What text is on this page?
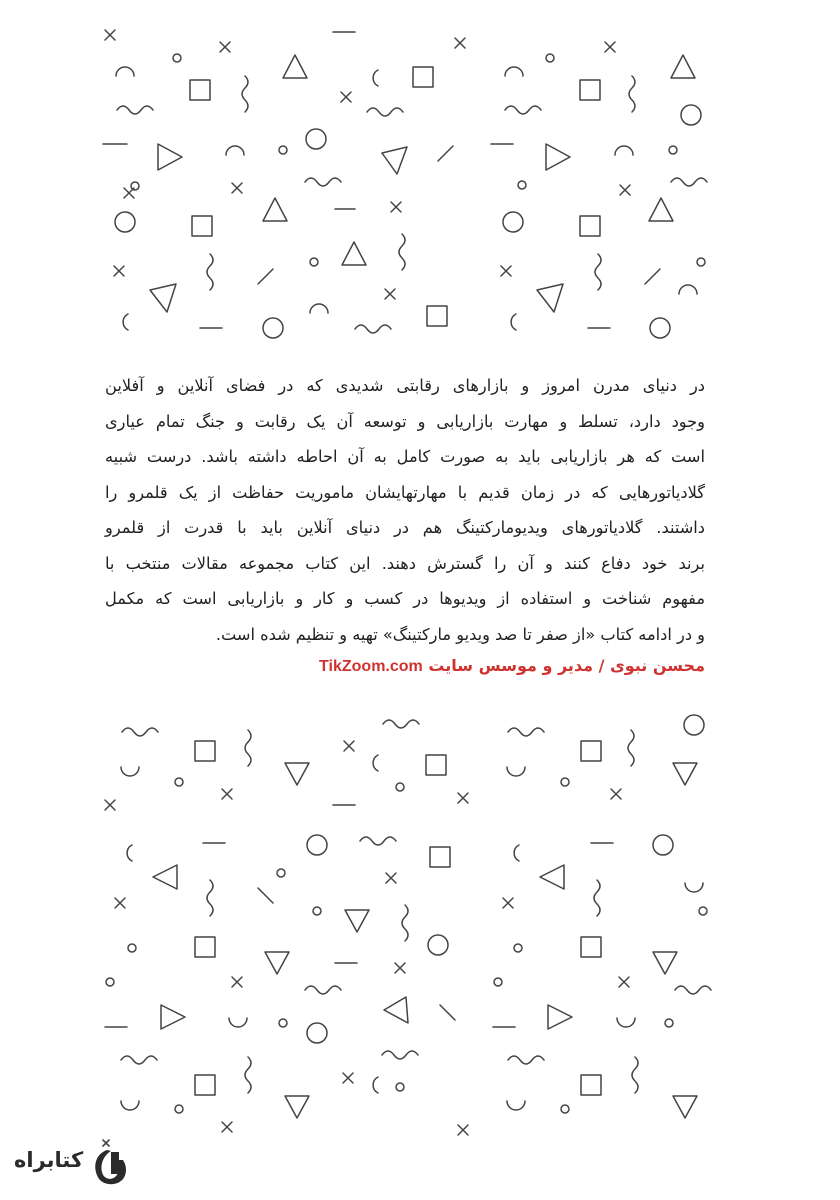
در دنیای مدرن امروز و بازارهای رقابتی شدیدی که در فضای آنلاین و آفلاین
وجود دارد، تسلط و مهارت بازاریابی و توسعه آن یک رقابت و جنگ تمام عیاری
است که هر بازاریابی باید به صورت کامل به آن احاطه داشته باشد. درست شبیه
گلادیاتورهایی که در زمان قدیم با مهارتهایشان ماموریت حفاظت از یک قلمرو را
داشتند. گلادیاتورهای ویدیومارکتینگ هم در دنیای آنلاین باید با قدرت از قلمرو
برند خود دفاع کنند و آن را گسترش دهند. این کتاب مجموعه مقالات منتخب با
مفهوم شناخت و استفاده از ویدیوها در کسب و کار و بازاریابی است که مکمل
و در ادامه کتاب «از صفر تا صد ویدیو مارکتینگ» تهیه و تنظیم شده است.
محسن نبوی / مدیر و موسس سایت TikZoom.com
کتابراه
